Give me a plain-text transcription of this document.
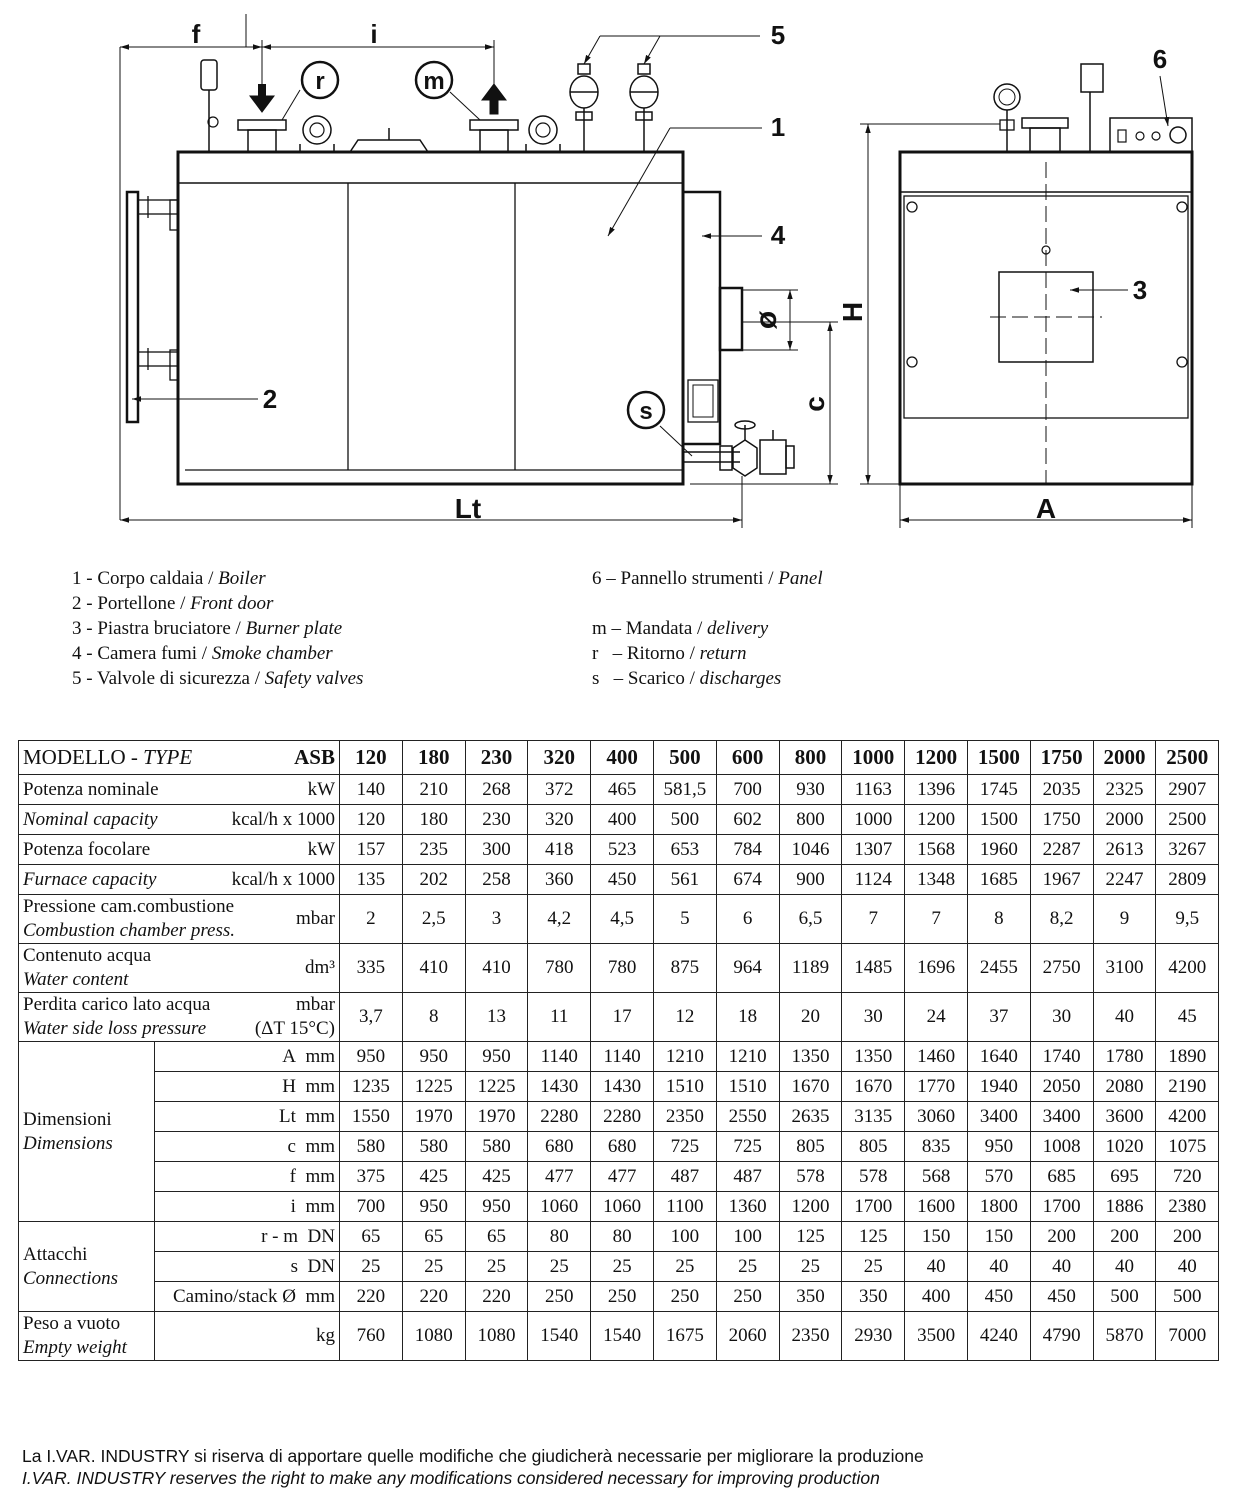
f	i
r	m
s
5
1
4
2
3
6
Lt	A
H
c
ø
1 - Corpo caldaia / Boiler
2 - Portellone / Front door
3 - Piastra bruciatore / Burner plate
4 - Camera fumi / Smoke chamber
5 - Valvole di sicurezza / Safety valves
6 – Pannello strumenti / Panel

m – Mandata / delivery
r   – Ritorno / return
s   – Scarico / discharges
MODELLO - TYPE ASB		120	180	230	320	400	500	600	800	1000	1200	1500	1750	2000	2500

Potenza nominale kW		140	210	268	372	465	581,5	700	930	1163	1396	1745	2035	2325	2907

Nominal capacity kcal/h x 1000		120	180	230	320	400	500	602	800	1000	1200	1500	1750	2000	2500

Potenza focolare kW		157	235	300	418	523	653	784	1046	1307	1568	1960	2287	2613	3267

Furnace capacity kcal/h x 1000		135	202	258	360	450	561	674	900	1124	1348	1685	1967	2247	2809

Pressione cam.combustione
Combustion chamber press.
mbar		2	2,5	3	4,2	4,5	5	6	6,5	7	7	8	8,2	9	9,5

Contenuto acqua
Water content
dm³		335	410	410	780	780	875	964	1189	1485	1696	2455	2750	3100	4200

Perdita carico lato acqua
Water side loss pressure
mbar
(ΔT 15°C)		3,7	8	13	11	17	12	18	20	30	24	37	30	40	45

Dimensioni
Dimensions	A mm	950	950	950	1140	1140	1210	1210	1350	1350	1460	1640	1740	1780	1890
	H mm	1235	1225	1225	1430	1430	1510	1510	1670	1670	1770	1940	2050	2080	2190
	Lt mm	1550	1970	1970	2280	2280	2350	2550	2635	3135	3060	3400	3400	3600	4200
	c mm	580	580	580	680	680	725	725	805	805	835	950	1008	1020	1075
	f mm	375	425	425	477	477	487	487	578	578	568	570	685	695	720
	i mm	700	950	950	1060	1060	1100	1360	1200	1700	1600	1800	1700	1886	2380

Attacchi
Connections	r - m DN	65	65	65	80	80	100	100	125	125	150	150	200	200	200
	s DN	25	25	25	25	25	25	25	25	25	40	40	40	40	40
	Camino/stack Ø mm	220	220	220	250	250	250	250	350	350	400	450	450	500	500

Peso a vuoto
Empty weight	kg	760	1080	1080	1540	1540	1675	2060	2350	2930	3500	4240	4790	5870	7000
La I.VAR. INDUSTRY si riserva di apportare quelle modifiche che giudicherà necessarie per migliorare la produzione
I.VAR. INDUSTRY reserves the right to make any modifications considered necessary for improving production
